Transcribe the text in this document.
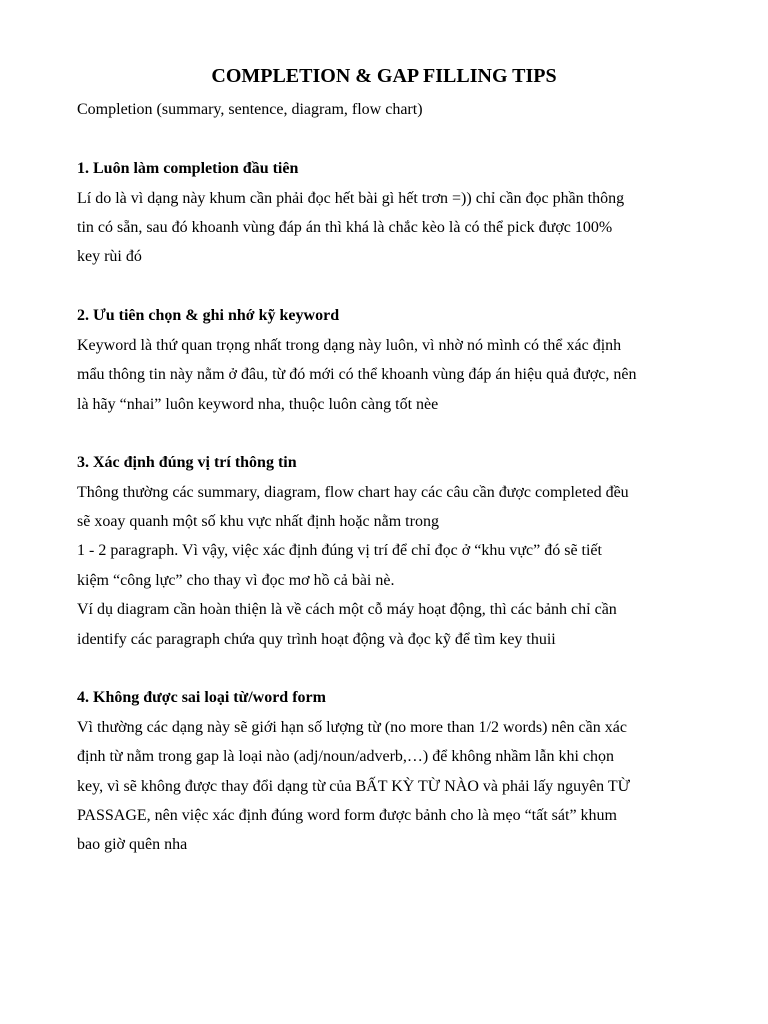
COMPLETION & GAP FILLING TIPS

Completion (summary, sentence, diagram, flow chart)

1. Luôn làm completion đầu tiên

Lí do là vì dạng này khum cần phải đọc hết bài gì hết trơn =)) chỉ cần đọc phần thông

tin có sẵn, sau đó khoanh vùng đáp án thì khá là chắc kèo là có thể pick được 100%

key rùi đó

2. Ưu tiên chọn & ghi nhớ kỹ keyword

Keyword là thứ quan trọng nhất trong dạng này luôn, vì nhờ nó mình có thể xác định

mẩu thông tin này nằm ở đâu, từ đó mới có thể khoanh vùng đáp án hiệu quả được, nên

là hãy “nhai” luôn keyword nha, thuộc luôn càng tốt nèe

3. Xác định đúng vị trí thông tin

Thông thường các summary, diagram, flow chart hay các câu cần được completed đều

sẽ xoay quanh một số khu vực nhất định hoặc nằm trong

1 - 2 paragraph. Vì vậy, việc xác định đúng vị trí để chỉ đọc ở “khu vực” đó sẽ tiết

kiệm “công lực” cho thay vì đọc mơ hồ cả bài nè.

Ví dụ diagram cần hoàn thiện là về cách một cỗ máy hoạt động, thì các bảnh chỉ cần

identify các paragraph chứa quy trình hoạt động và đọc kỹ để tìm key thuii

4. Không được sai loại từ/word form

Vì thường các dạng này sẽ giới hạn số lượng từ (no more than 1/2 words) nên cần xác

định từ nằm trong gap là loại nào (adj/noun/adverb,…) để không nhầm lẫn khi chọn

key, vì sẽ không được thay đổi dạng từ của BẤT KỲ TỪ NÀO và phải lấy nguyên TỪ

PASSAGE, nên việc xác định đúng word form được bảnh cho là mẹo “tất sát” khum

bao giờ quên nha
